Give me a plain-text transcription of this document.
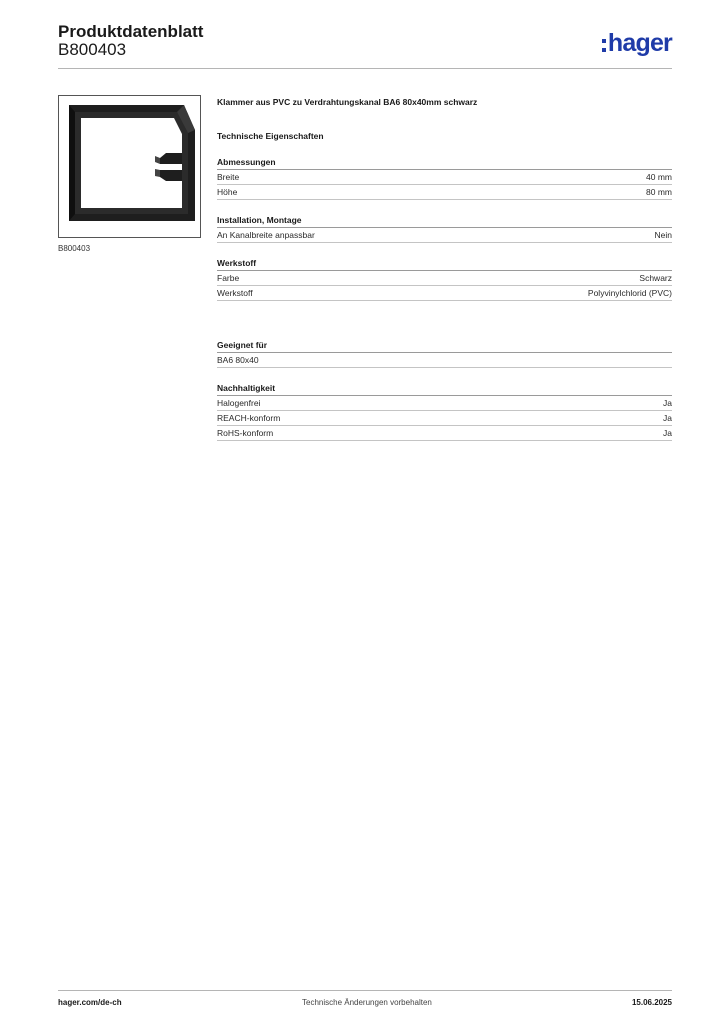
Produktdatenblatt
B800403	hager
B800403
Klammer aus PVC zu Verdrahtungskanal BA6 80x40mm schwarz
Technische Eigenschaften
Abmessungen
Breite	40 mm
Höhe	80 mm
Installation, Montage
An Kanalbreite anpassbar	Nein
Werkstoff
Farbe	Schwarz
Werkstoff	Polyvinylchlorid (PVC)
Geeignet für
BA6 80x40
Nachhaltigkeit
Halogenfrei	Ja
REACH-konform	Ja
RoHS-konform	Ja
hager.com/de-ch	Technische Änderungen vorbehalten	15.06.2025
